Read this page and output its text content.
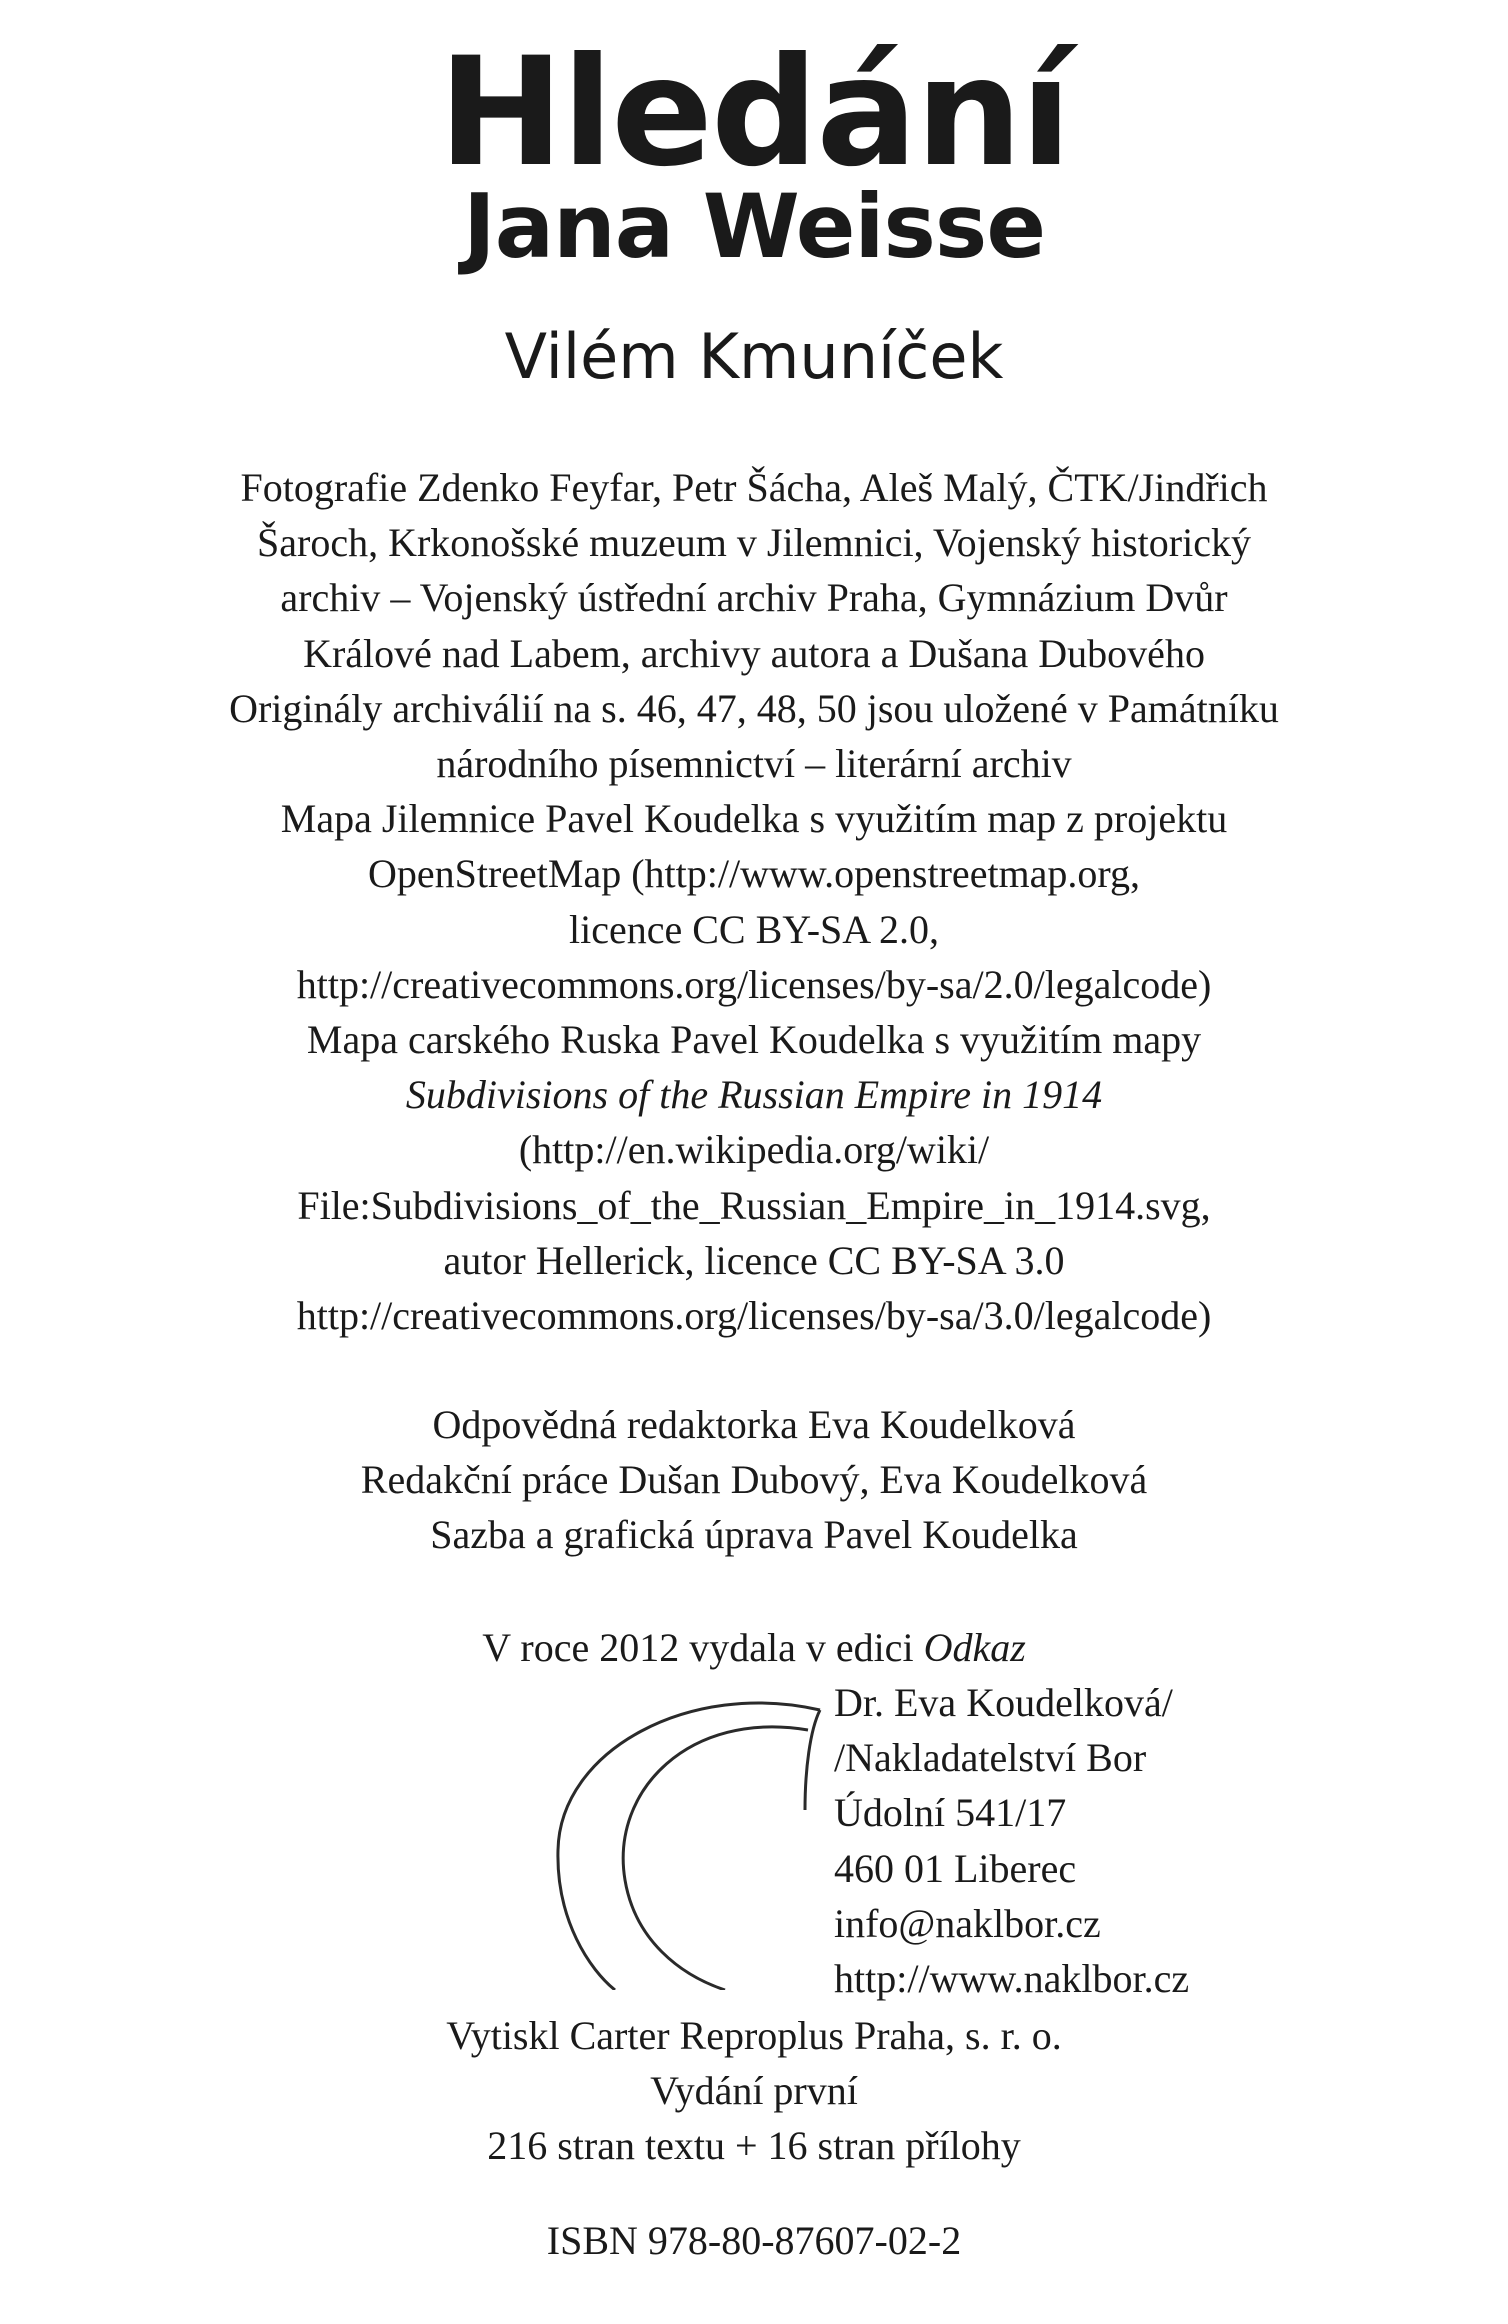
Hledání
Jana Weisse
Vilém Kmuníček
Fotografie Zdenko Feyfar, Petr Šácha, Aleš Malý, ČTK/Jindřich
Šaroch, Krkonošské muzeum v Jilemnici, Vojenský historický
archiv – Vojenský ústřední archiv Praha, Gymnázium Dvůr
Králové nad Labem, archivy autora a Dušana Dubového
Originály archiválií na s. 46, 47, 48, 50 jsou uložené v Památníku
národního písemnictví – literární archiv
Mapa Jilemnice Pavel Koudelka s využitím map z projektu
OpenStreetMap (http://www.openstreetmap.org,
licence CC BY-SA 2.0,
http://creativecommons.org/licenses/by-sa/2.0/legalcode)
Mapa carského Ruska Pavel Koudelka s využitím mapy
Subdivisions of the Russian Empire in 1914
(http://en.wikipedia.org/wiki/
File:Subdivisions_of_the_Russian_Empire_in_1914.svg,
autor Hellerick, licence CC BY-SA 3.0
http://creativecommons.org/licenses/by-sa/3.0/legalcode)
Odpovědná redaktorka Eva Koudelková
Redakční práce Dušan Dubový, Eva Koudelková
Sazba a grafická úprava Pavel Koudelka
V roce 2012 vydala v edici Odkaz
Dr. Eva Koudelková/
/Nakladatelství Bor
Údolní 541/17
460 01 Liberec
info@naklbor.cz
http://www.naklbor.cz
Vytiskl Carter Reproplus Praha, s. r. o.
Vydání první
216 stran textu + 16 stran přílohy
ISBN 978-80-87607-02-2
